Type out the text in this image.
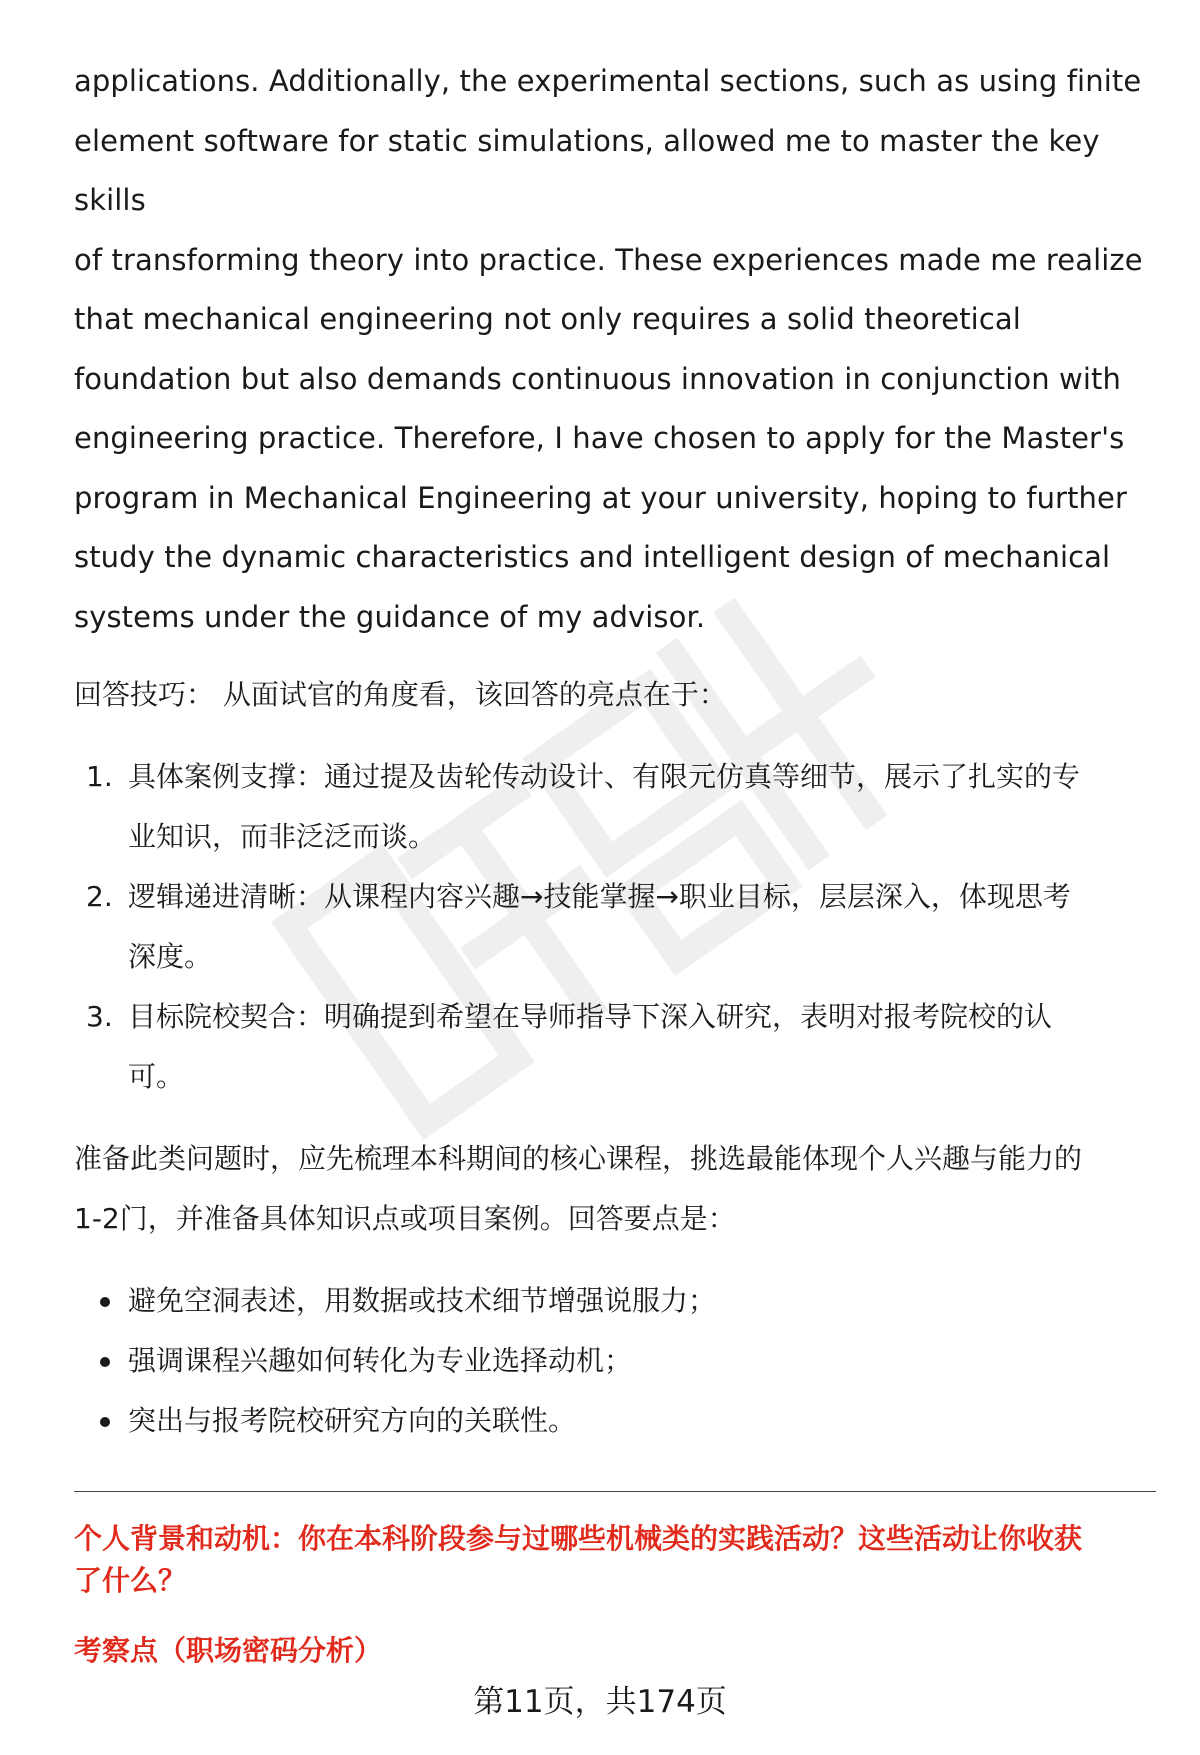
applications. Additionally, the experimental sections, such as using finite

element software for static simulations, allowed me to master the key skills

of transforming theory into practice. These experiences made me realize

that mechanical engineering not only requires a solid theoretical

foundation but also demands continuous innovation in conjunction with

engineering practice. Therefore, I have chosen to apply for the Master's

program in Mechanical Engineering at your university, hoping to further

study the dynamic characteristics and intelligent design of mechanical

systems under the guidance of my advisor.

回答技巧： 从面试官的角度看，该回答的亮点在于：

1. 具体案例支撑：通过提及齿轮传动设计、有限元仿真等细节，展示了扎实的专
业知识，而非泛泛而谈。
2. 逻辑递进清晰：从课程内容兴趣→技能掌握→职业目标，层层深入，体现思考
深度。
3. 目标院校契合：明确提到希望在导师指导下深入研究，表明对报考院校的认
可。

准备此类问题时，应先梳理本科期间的核心课程，挑选最能体现个人兴趣与能力的

1-2门，并准备具体知识点或项目案例。回答要点是：

避免空洞表述，用数据或技术细节增强说服力；
强调课程兴趣如何转化为专业选择动机；
突出与报考院校研究方向的关联性。
个人背景和动机：你在本科阶段参与过哪些机械类的实践活动？这些活动让你收获
了什么？
考察点（职场密码分析）
第11页，共174页
